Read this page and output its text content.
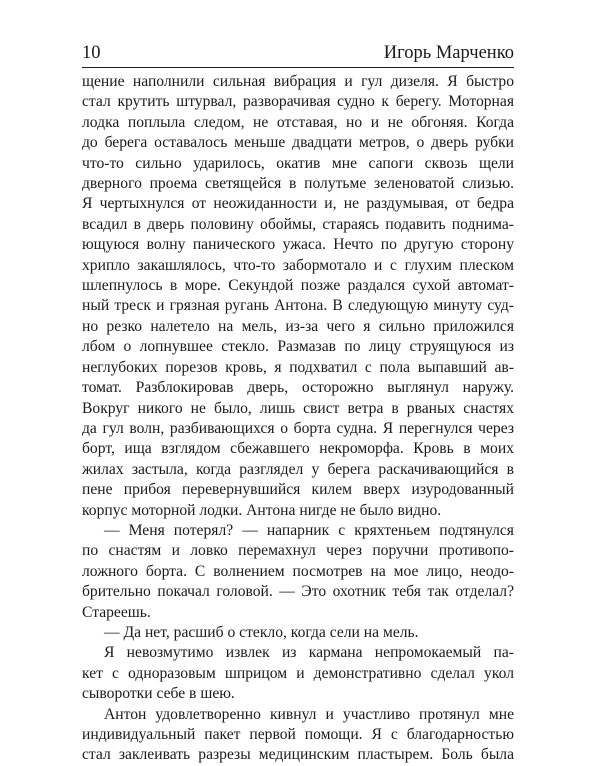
10	Игорь Марченко

щение наполнили сильная вибрация и гул дизеля. Я быстро
стал крутить штурвал, разворачивая судно к берегу. Моторная
лодка поплыла следом, не отставая, но и не обгоняя. Когда
до берега оставалось меньше двадцати метров, о дверь рубки
что-то сильно ударилось, окатив мне сапоги сквозь щели
дверного проема светящейся в полутьме зеленоватой слизью.
Я чертыхнулся от неожиданности и, не раздумывая, от бедра
всадил в дверь половину обоймы, стараясь подавить поднима-
ющуюся волну панического ужаса. Нечто по другую сторону
хрипло закашлялось, что-то забормотало и с глухим плеском
шлепнулось в море. Секундой позже раздался сухой автомат-
ный треск и грязная ругань Антона. В следующую минуту суд-
но резко налетело на мель, из-за чего я сильно приложился
лбом о лопнувшее стекло. Размазав по лицу струящуюся из
неглубоких порезов кровь, я подхватил с пола выпавший ав-
томат. Разблокировав дверь, осторожно выглянул наружу.
Вокруг никого не было, лишь свист ветра в рваных снастях
да гул волн, разбивающихся о борта судна. Я перегнулся через
борт, ища взглядом сбежавшего некроморфа. Кровь в моих
жилах застыла, когда разглядел у берега раскачивающийся в
пене прибоя перевернувшийся килем вверх изуродованный
корпус моторной лодки. Антона нигде не было видно.

— Меня потерял? — напарник с кряхтеньем подтянулся
по снастям и ловко перемахнул через поручни противопо-
ложного борта. С волнением посмотрев на мое лицо, неодо-
брительно покачал головой. — Это охотник тебя так отделал?
Стареешь.

— Да нет, расшиб о стекло, когда сели на мель.

Я невозмутимо извлек из кармана непромокаемый па-
кет с одноразовым шприцом и демонстративно сделал укол
сыворотки себе в шею.

Антон удовлетворенно кивнул и участливо протянул мне
индивидуальный пакет первой помощи. Я с благодарностью
стал заклеивать разрезы медицинским пластырем. Боль была
